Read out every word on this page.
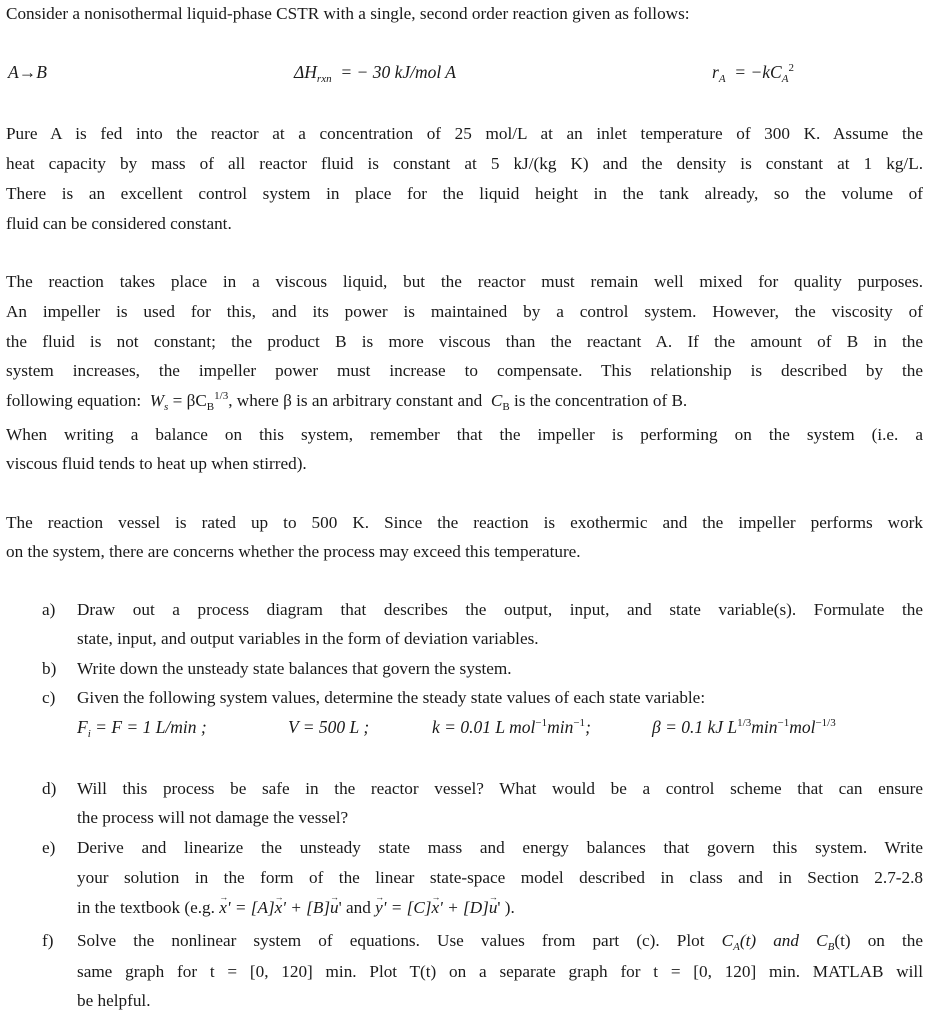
Consider a nonisothermal liquid-phase CSTR with a single, second order reaction given as follows:
A→B	$\Delta H_{rxn}$ = − 30 kJ/mol A	$r_A = -kC_A^2$
Pure A is fed into the reactor at a concentration of 25 mol/L at an inlet temperature of 300 K. Assume the
heat capacity by mass of all reactor fluid is constant at 5 kJ/(kg K) and the density is constant at 1 kg/L.
There is an excellent control system in place for the liquid height in the tank already, so the volume of
fluid can be considered constant.
The reaction takes place in a viscous liquid, but the reactor must remain well mixed for quality purposes.
An impeller is used for this, and its power is maintained by a control system. However, the viscosity of
the fluid is not constant; the product B is more viscous than the reactant A. If the amount of B in the
system increases, the impeller power must increase to compensate. This relationship is described by the
following equation: $W_s = \beta C_B^{1/3}$, where β is an arbitrary constant and $C_B$ is the concentration of B.
When writing a balance on this system, remember that the impeller is performing on the system (i.e. a
viscous fluid tends to heat up when stirred).
The reaction vessel is rated up to 500 K. Since the reaction is exothermic and the impeller performs work
on the system, there are concerns whether the process may exceed this temperature.
a) Draw out a process diagram that describes the output, input, and state variable(s). Formulate the
state, input, and output variables in the form of deviation variables.
b) Write down the unsteady state balances that govern the system.
c) Given the following system values, determine the steady state values of each state variable:
$F_i = F = 1$ L/min ;	V = 500 L ;	k = 0.01 L $mol^{-1}\min^{-1}$;	β = 0.1 kJ $L^{1/3}\min^{-1}mol^{-1/3}$
d) Will this process be safe in the reactor vessel? What would be a control scheme that can ensure
the process will not damage the vessel?
e) Derive and linearize the unsteady state mass and energy balances that govern this system. Write
your solution in the form of the linear state-space model described in class and in Section 2.7-2.8
in the textbook (e.g. → x' = [A]→ x' + [B]→ u' and → y' = [C]→ x' + [D]→ u' ).
f) Solve the nonlinear system of equations. Use values from part (c). Plot $C_A(t)$ and $C_B(t)$ on the
same graph for t = [0, 120] min. Plot T(t) on a separate graph for t = [0, 120] min. MATLAB will
be helpful.
